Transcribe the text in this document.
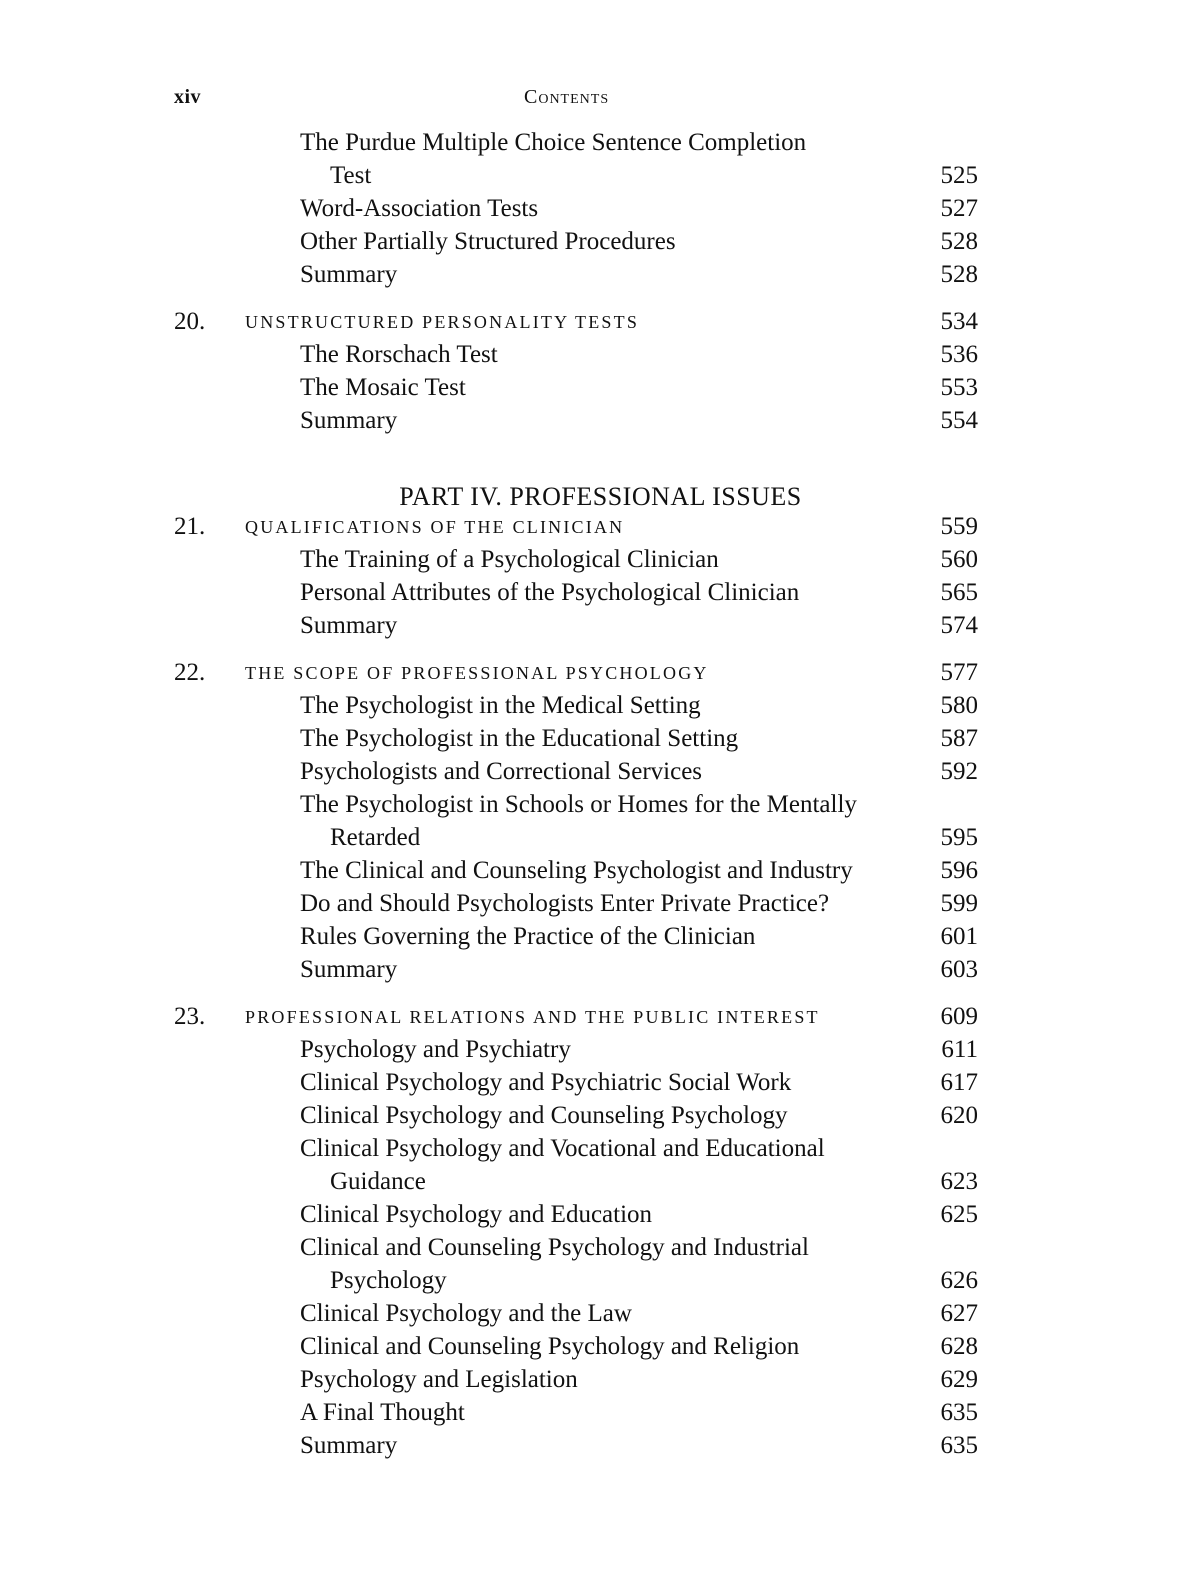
xiv	Contents
The Purdue Multiple Choice Sentence Completion
Test	525
Word-Association Tests	527
Other Partially Structured Procedures	528
Summary	528
20. UNSTRUCTURED PERSONALITY TESTS	534
The Rorschach Test	536
The Mosaic Test	553
Summary	554
PART IV. PROFESSIONAL ISSUES
21. QUALIFICATIONS OF THE CLINICIAN	559
The Training of a Psychological Clinician	560
Personal Attributes of the Psychological Clinician	565
Summary	574
22. THE SCOPE OF PROFESSIONAL PSYCHOLOGY	577
The Psychologist in the Medical Setting	580
The Psychologist in the Educational Setting	587
Psychologists and Correctional Services	592
The Psychologist in Schools or Homes for the Mentally
Retarded	595
The Clinical and Counseling Psychologist and Industry	596
Do and Should Psychologists Enter Private Practice?	599
Rules Governing the Practice of the Clinician	601
Summary	603
23. PROFESSIONAL RELATIONS AND THE PUBLIC INTEREST	609
Psychology and Psychiatry	611
Clinical Psychology and Psychiatric Social Work	617
Clinical Psychology and Counseling Psychology	620
Clinical Psychology and Vocational and Educational
Guidance	623
Clinical Psychology and Education	625
Clinical and Counseling Psychology and Industrial
Psychology	626
Clinical Psychology and the Law	627
Clinical and Counseling Psychology and Religion	628
Psychology and Legislation	629
A Final Thought	635
Summary	635
